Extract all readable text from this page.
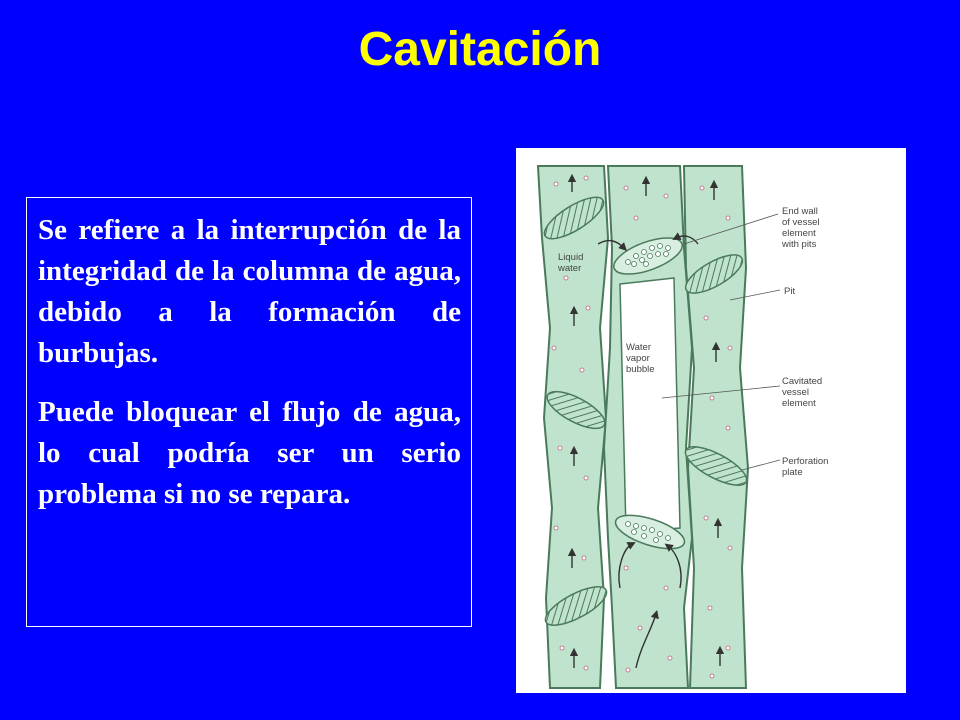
Cavitación

Se refiere a la interrupción de la integridad de la columna de agua, debido a la formación de burbujas.

Puede bloquear el flujo de agua, lo cual podría ser un serio problema si no se repara.

Liquid water
End wall of vessel element with pits
Pit
Water vapor bubble
Cavitated vessel element
Perforation plate
